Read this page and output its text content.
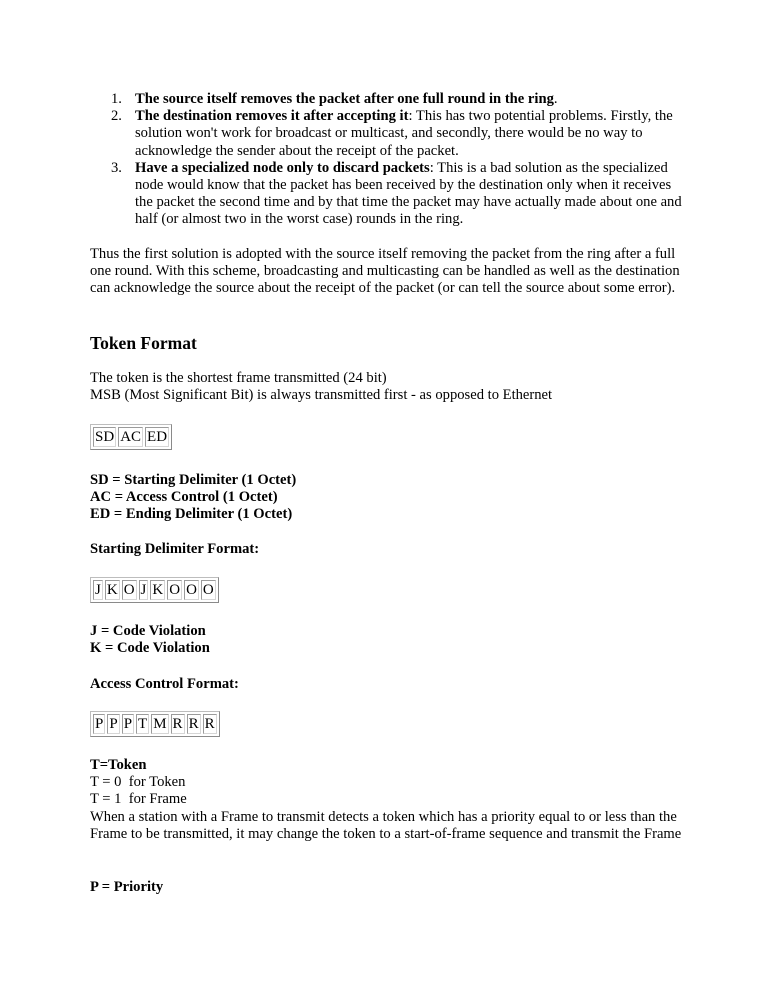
1. The source itself removes the packet after one full round in the ring.
2. The destination removes it after accepting it: This has two potential problems. Firstly, the solution won't work for broadcast or multicast, and secondly, there would be no way to acknowledge the sender about the receipt of the packet.
3. Have a specialized node only to discard packets: This is a bad solution as the specialized node would know that the packet has been received by the destination only when it receives the packet the second time and by that time the packet may have actually made about one and half (or almost two in the worst case) rounds in the ring.
Thus the first solution is adopted with the source itself removing the packet from the ring after a full one round. With this scheme, broadcasting and multicasting can be handled as well as the destination can acknowledge the source about the receipt of the packet (or can tell the source about some error).
Token Format
The token is the shortest frame transmitted (24 bit)
MSB (Most Significant Bit) is always transmitted first - as opposed to Ethernet
SD	AC	ED
SD = Starting Delimiter (1 Octet)
AC = Access Control (1 Octet)
ED = Ending Delimiter (1 Octet)
Starting Delimiter Format:
J	K	O	J	K	O	O	O
J = Code Violation
K = Code Violation
Access Control Format:
P	P	P	T	M	R	R	R
T=Token
T = 0  for Token
T = 1  for Frame
When a station with a Frame to transmit detects a token which has a priority equal to or less than the Frame to be transmitted, it may change the token to a start-of-frame sequence and transmit the Frame
P = Priority
